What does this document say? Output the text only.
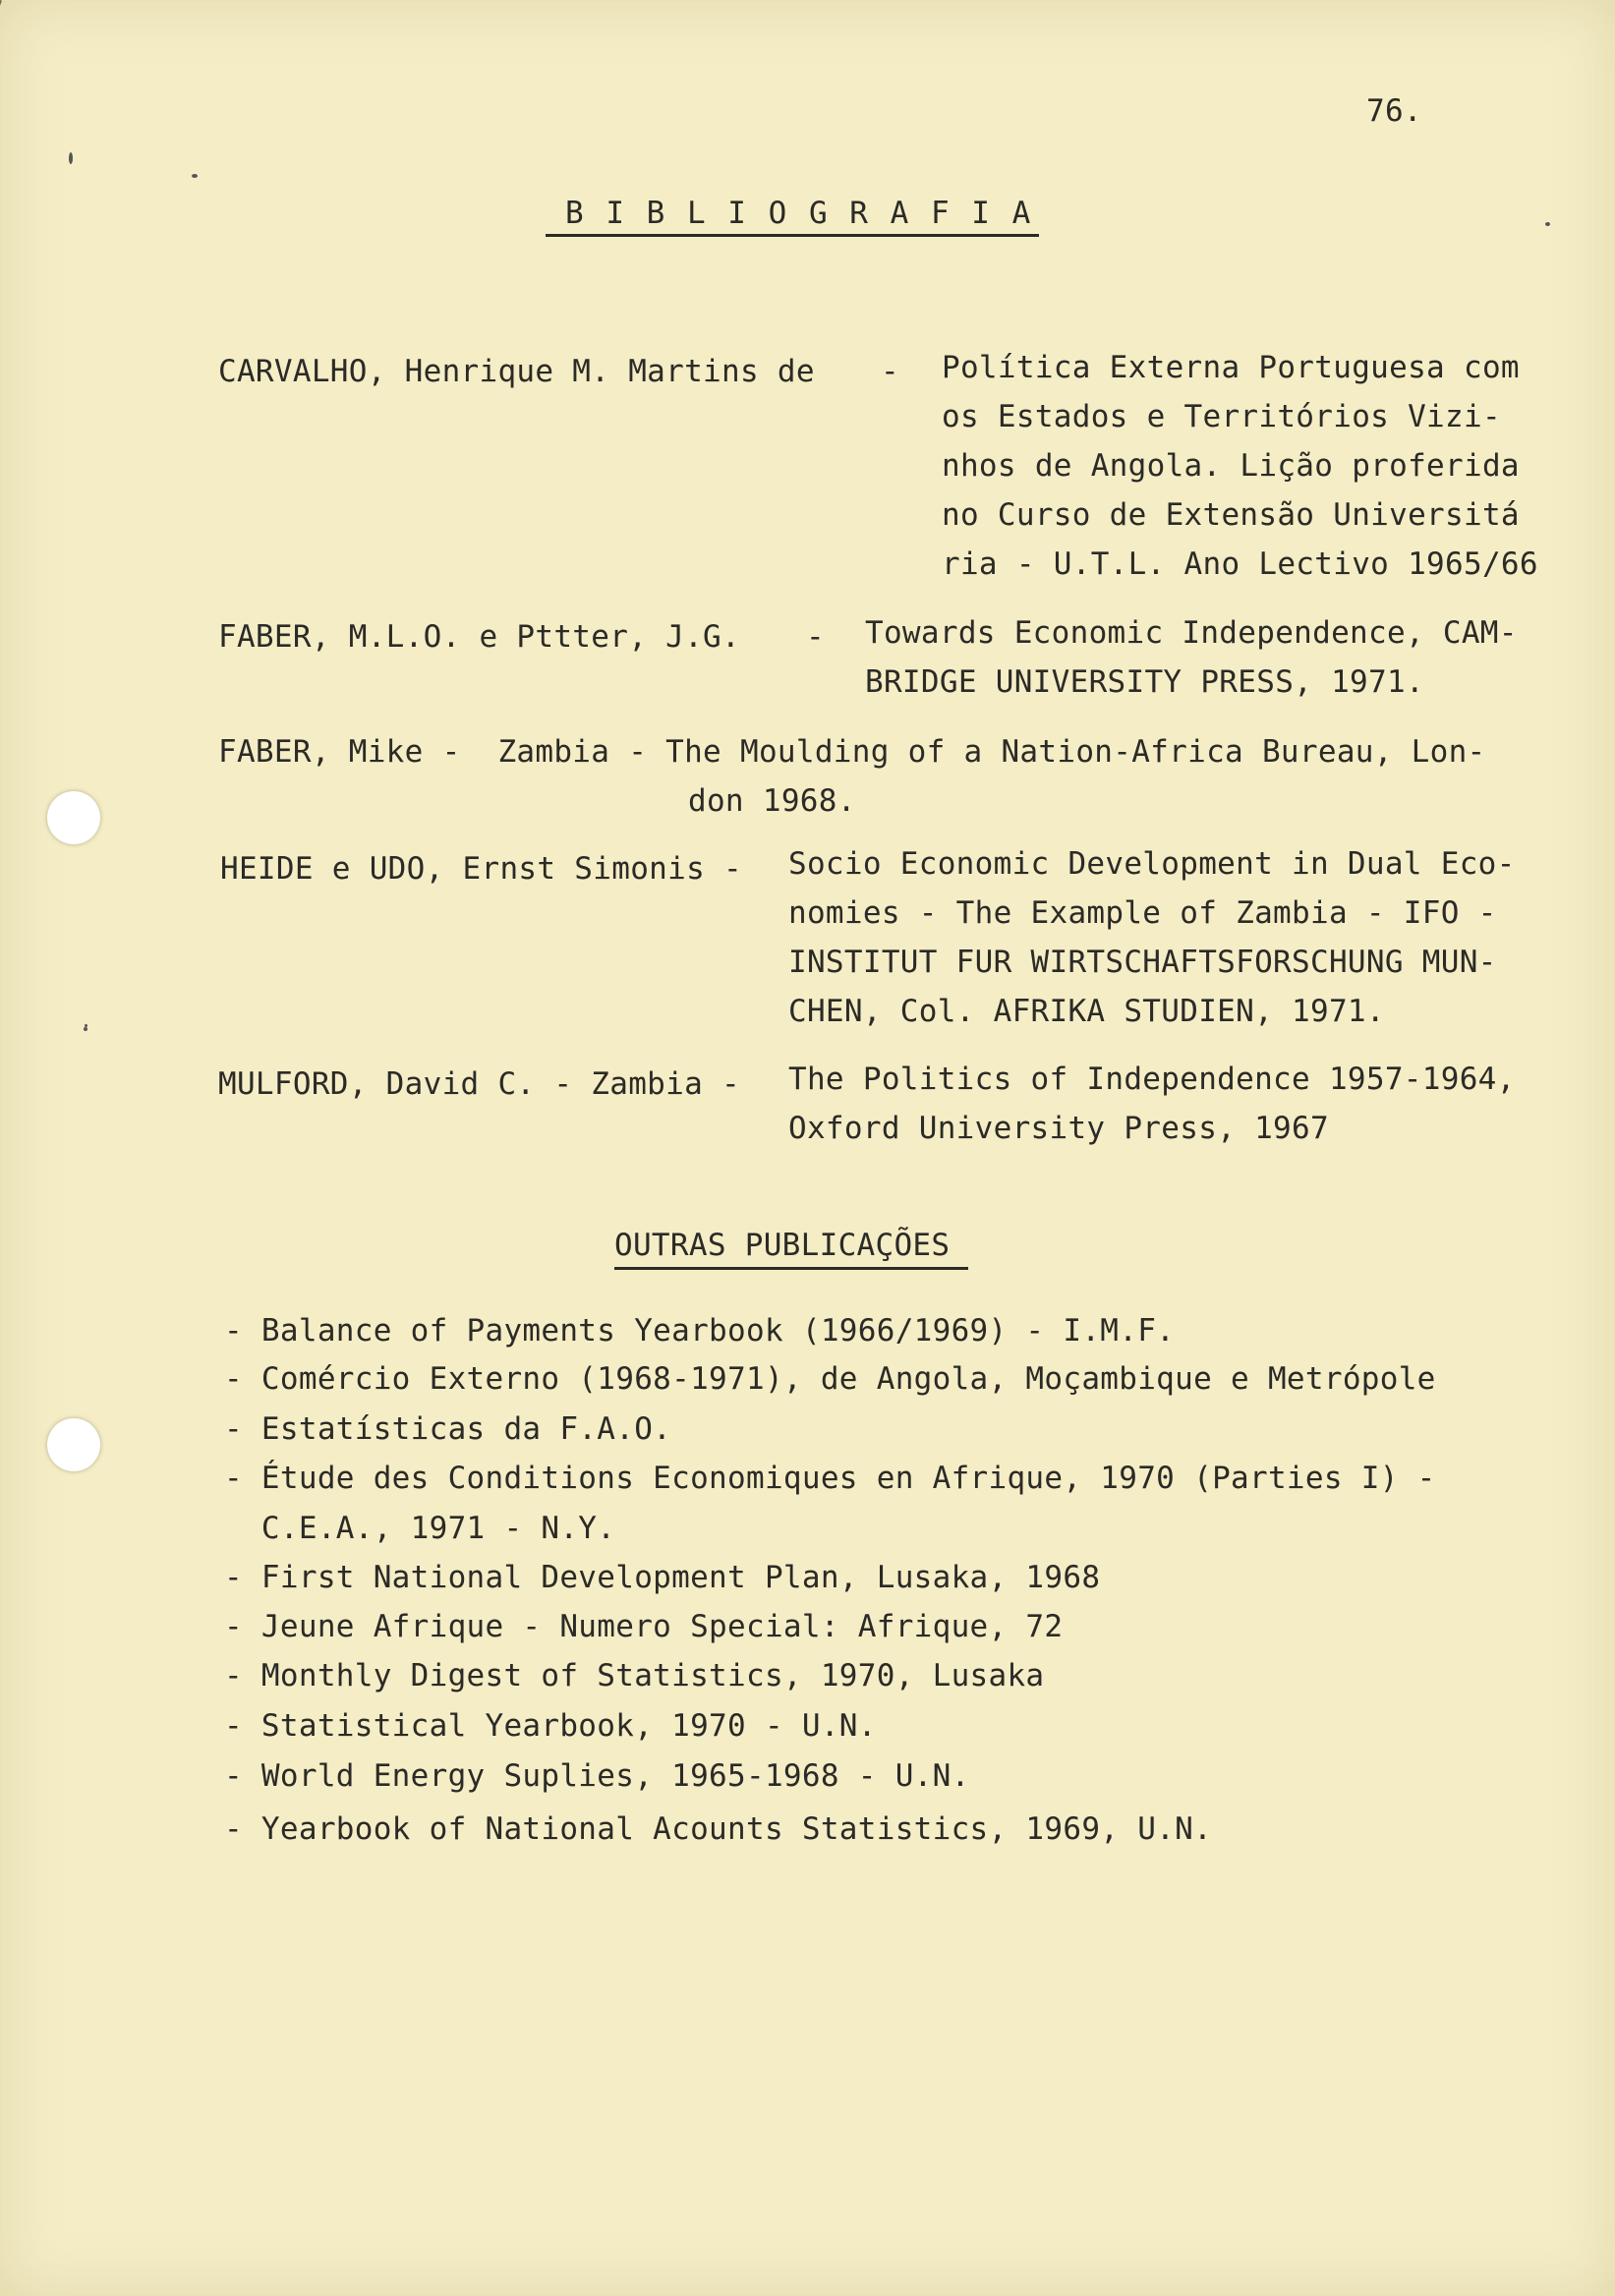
76.
B I B L I O G R A F I A
CARVALHO, Henrique M. Martins de - Política Externa Portuguesa com
os Estados e Territórios Vizi-
nhos de Angola. Lição proferida
no Curso de Extensão Universitá
ria - U.T.L. Ano Lectivo 1965/66
FABER, M.L.O. e Pttter, J.G. - Towards Economic Independence, CAM-
BRIDGE UNIVERSITY PRESS, 1971.
FABER, Mike -  Zambia - The Moulding of a Nation-Africa Bureau, Lon-
don 1968.
HEIDE e UDO, Ernst Simonis - Socio Economic Development in Dual Eco-
nomies - The Example of Zambia - IFO -
INSTITUT FUR WIRTSCHAFTSFORSCHUNG MUN-
CHEN, Col. AFRIKA STUDIEN, 1971.
MULFORD, David C. - Zambia - The Politics of Independence 1957-1964,
Oxford University Press, 1967
OUTRAS PUBLICAÇÕES
- Balance of Payments Yearbook (1966/1969) - I.M.F.
- Comércio Externo (1968-1971), de Angola, Moçambique e Metrópole
- Estatísticas da F.A.O.
- Étude des Conditions Economiques en Afrique, 1970 (Parties I) -
C.E.A., 1971 - N.Y.
- First National Development Plan, Lusaka, 1968
- Jeune Afrique - Numero Special: Afrique, 72
- Monthly Digest of Statistics, 1970, Lusaka
- Statistical Yearbook, 1970 - U.N.
- World Energy Suplies, 1965-1968 - U.N.
- Yearbook of National Acounts Statistics, 1969, U.N.
